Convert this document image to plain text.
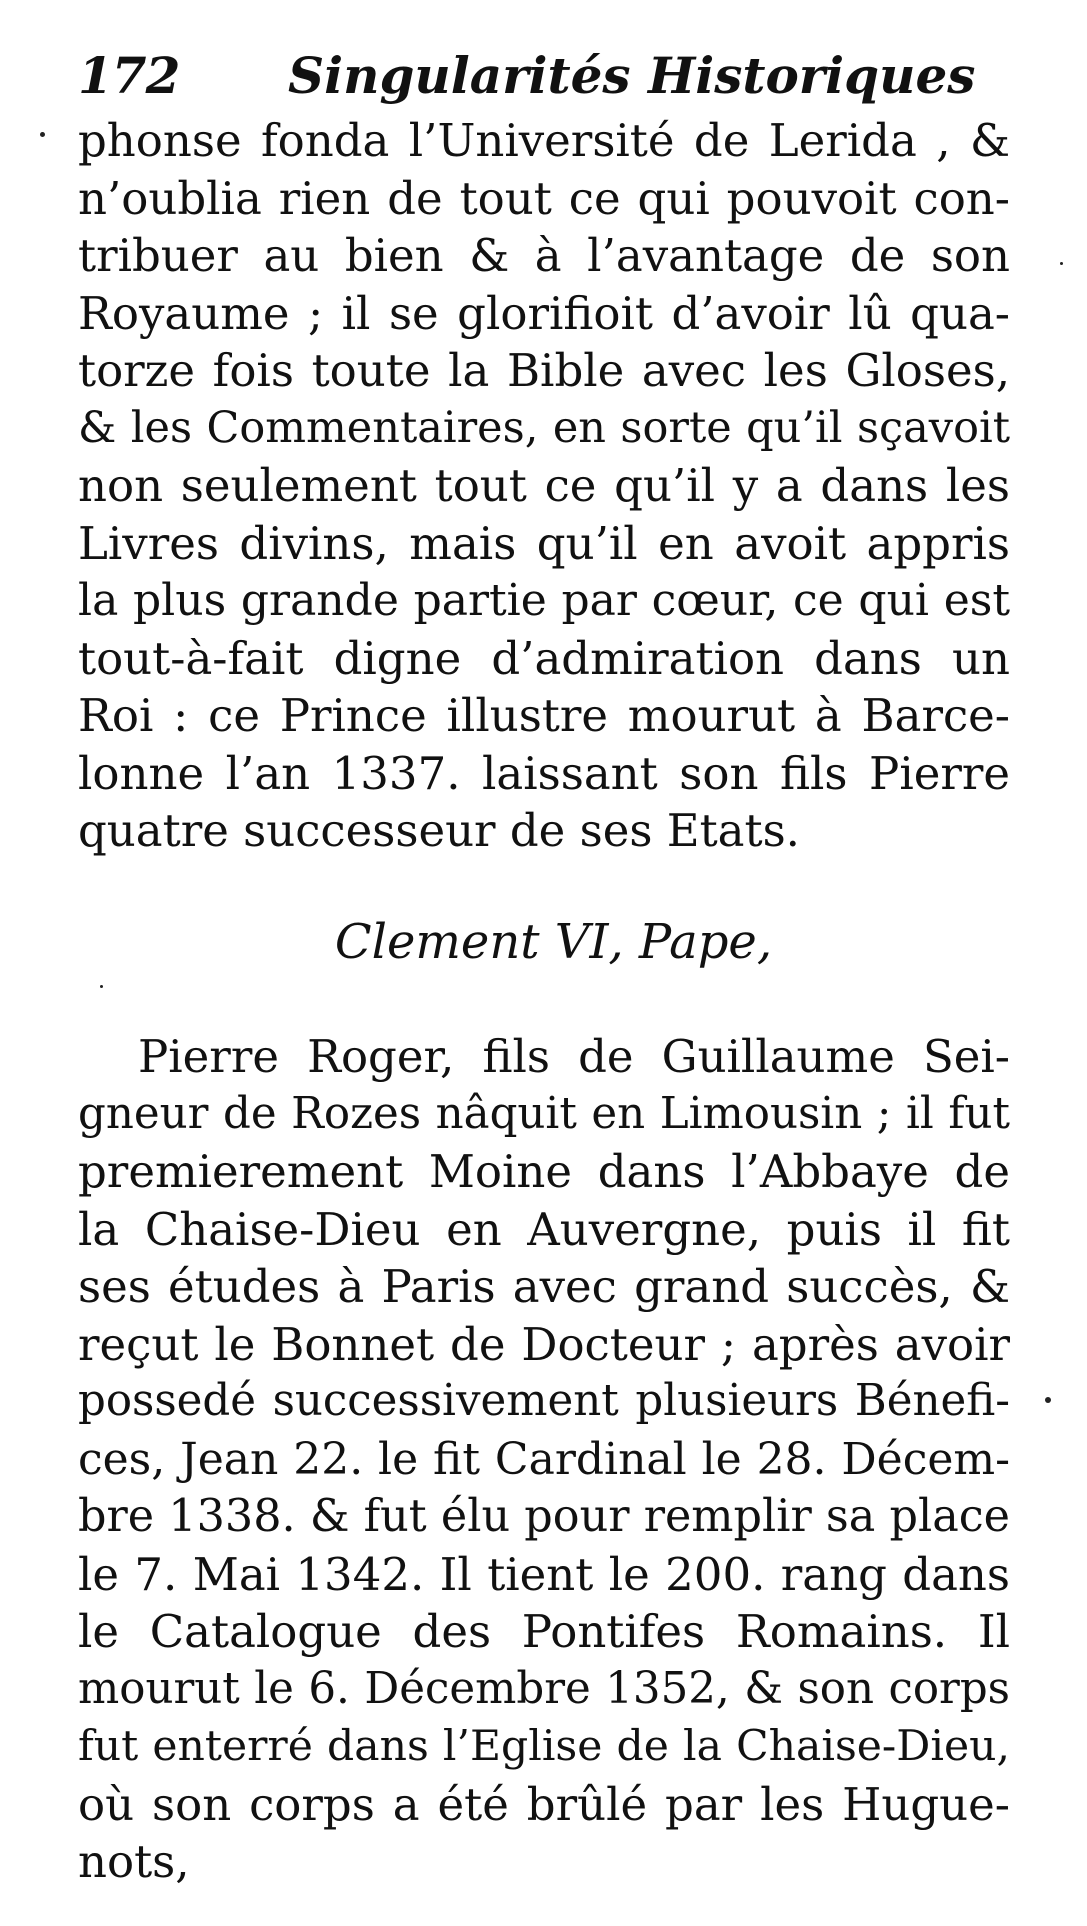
172 Singularités Historiques
phonse fonda l’Université de Lerida , &
n’oublia rien de tout ce qui pouvoit con-
tribuer au bien & à l’avantage de son
Royaume ; il se glorifioit d’avoir lû qua-
torze fois toute la Bible avec les Gloses,
& les Commentaires, en sorte qu’il sçavoit
non seulement tout ce qu’il y a dans les
Livres divins, mais qu’il en avoit appris
la plus grande partie par cœur, ce qui est
tout-à-fait digne d’admiration dans un
Roi : ce Prince illustre mourut à Barce-
lonne l’an 1337. laissant son fils Pierre
quatre successeur de ses Etats.
Clement VI, Pape,
Pierre Roger, fils de Guillaume Sei-
gneur de Rozes nâquit en Limousin ; il fut
premierement Moine dans l’Abbaye de
la Chaise-Dieu en Auvergne, puis il fit
ses études à Paris avec grand succès, &
reçut le Bonnet de Docteur ; après avoir
possedé successivement plusieurs Bénefi-
ces, Jean 22. le fit Cardinal le 28. Décem-
bre 1338. & fut élu pour remplir sa place
le 7. Mai 1342. Il tient le 200. rang dans
le Catalogue des Pontifes Romains. Il
mourut le 6. Décembre 1352, & son corps
fut enterré dans l’Eglise de la Chaise-Dieu,
où son corps a été brûlé par les Hugue-
nots,
